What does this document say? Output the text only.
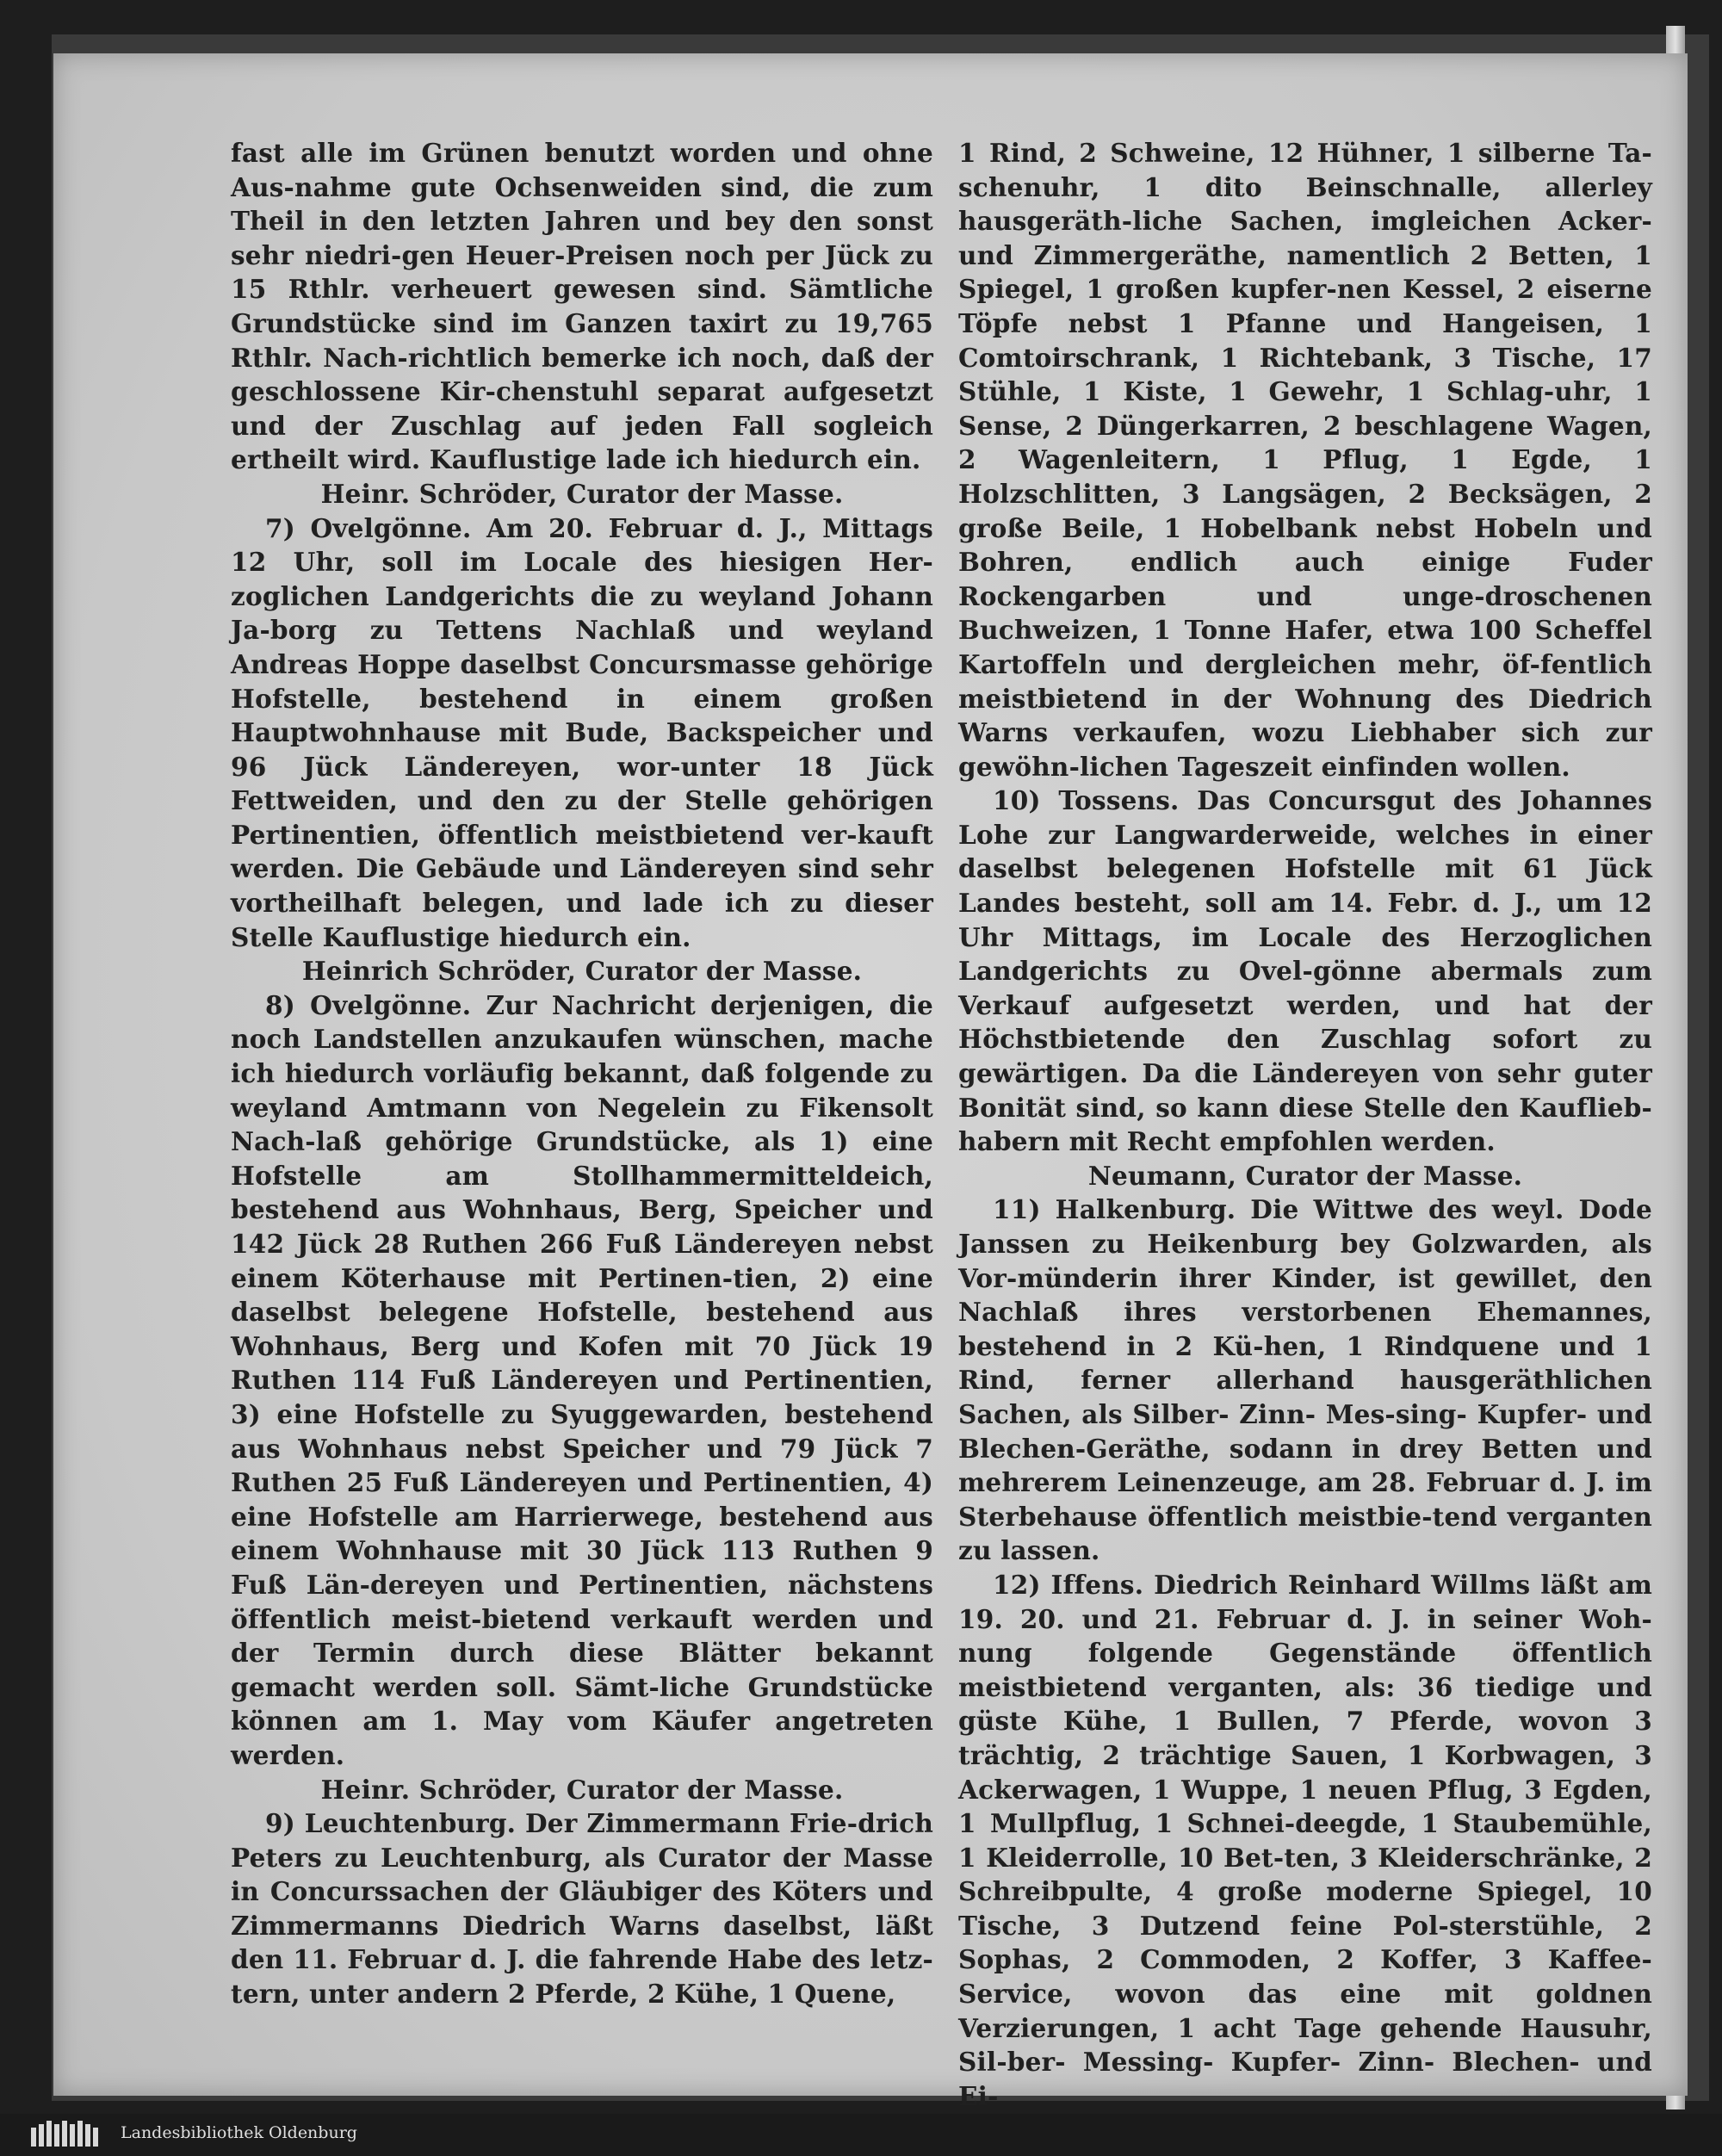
fast alle im Grünen benutzt worden und ohne Aus-nahme gute Ochsenweiden sind, die zum Theil in den letzten Jahren und bey den sonst sehr niedri-gen Heuer-Preisen noch per Jück zu 15 Rthlr. verheuert gewesen sind. Sämtliche Grundstücke sind im Ganzen taxirt zu 19,765 Rthlr. Nach-richtlich bemerke ich noch, daß der geschlossene Kir-chenstuhl separat aufgesetzt und der Zuschlag auf jeden Fall sogleich ertheilt wird. Kauflustige lade ich hiedurch ein.

Heinr. Schröder, Curator der Masse.

7) Ovelgönne. Am 20. Februar d. J., Mittags 12 Uhr, soll im Locale des hiesigen Her-zoglichen Landgerichts die zu weyland Johann Ja-borg zu Tettens Nachlaß und weyland Andreas Hoppe daselbst Concursmasse gehörige Hofstelle, bestehend in einem großen Hauptwohnhause mit Bude, Backspeicher und 96 Jück Ländereyen, wor-unter 18 Jück Fettweiden, und den zu der Stelle gehörigen Pertinentien, öffentlich meistbietend ver-kauft werden. Die Gebäude und Ländereyen sind sehr vortheilhaft belegen, und lade ich zu dieser Stelle Kauflustige hiedurch ein.

Heinrich Schröder, Curator der Masse.

8) Ovelgönne. Zur Nachricht derjenigen, die noch Landstellen anzukaufen wünschen, mache ich hiedurch vorläufig bekannt, daß folgende zu weyland Amtmann von Negelein zu Fikensolt Nach-laß gehörige Grundstücke, als 1) eine Hofstelle am Stollhammermitteldeich, bestehend aus Wohnhaus, Berg, Speicher und 142 Jück 28 Ruthen 266 Fuß Ländereyen nebst einem Köterhause mit Pertinen-tien, 2) eine daselbst belegene Hofstelle, bestehend aus Wohnhaus, Berg und Kofen mit 70 Jück 19 Ruthen 114 Fuß Ländereyen und Pertinentien, 3) eine Hofstelle zu Syuggewarden, bestehend aus Wohnhaus nebst Speicher und 79 Jück 7 Ruthen 25 Fuß Ländereyen und Pertinentien, 4) eine Hofstelle am Harrierwege, bestehend aus einem Wohnhause mit 30 Jück 113 Ruthen 9 Fuß Län-dereyen und Pertinentien, nächstens öffentlich meist-bietend verkauft werden und der Termin durch diese Blätter bekannt gemacht werden soll. Sämt-liche Grundstücke können am 1. May vom Käufer angetreten werden.

Heinr. Schröder, Curator der Masse.

9) Leuchtenburg. Der Zimmermann Frie-drich Peters zu Leuchtenburg, als Curator der Masse in Concurssachen der Gläubiger des Köters und Zimmermanns Diedrich Warns daselbst, läßt den 11. Februar d. J. die fahrende Habe des letz-tern, unter andern 2 Pferde, 2 Kühe, 1 Quene,

1 Rind, 2 Schweine, 12 Hühner, 1 silberne Ta-schenuhr, 1 dito Beinschnalle, allerley hausgeräth-liche Sachen, imgleichen Acker- und Zimmergeräthe, namentlich 2 Betten, 1 Spiegel, 1 großen kupfer-nen Kessel, 2 eiserne Töpfe nebst 1 Pfanne und Hangeisen, 1 Comtoirschrank, 1 Richtebank, 3 Tische, 17 Stühle, 1 Kiste, 1 Gewehr, 1 Schlag-uhr, 1 Sense, 2 Düngerkarren, 2 beschlagene Wagen, 2 Wagenleitern, 1 Pflug, 1 Egde, 1 Holzschlitten, 3 Langsägen, 2 Becksägen, 2 große Beile, 1 Hobelbank nebst Hobeln und Bohren, endlich auch einige Fuder Rockengarben und unge-droschenen Buchweizen, 1 Tonne Hafer, etwa 100 Scheffel Kartoffeln und dergleichen mehr, öf-fentlich meistbietend in der Wohnung des Diedrich Warns verkaufen, wozu Liebhaber sich zur gewöhn-lichen Tageszeit einfinden wollen.

10) Tossens. Das Concursgut des Johannes Lohe zur Langwarderweide, welches in einer daselbst belegenen Hofstelle mit 61 Jück Landes besteht, soll am 14. Febr. d. J., um 12 Uhr Mittags, im Locale des Herzoglichen Landgerichts zu Ovel-gönne abermals zum Verkauf aufgesetzt werden, und hat der Höchstbietende den Zuschlag sofort zu gewärtigen. Da die Ländereyen von sehr guter Bonität sind, so kann diese Stelle den Kauflieb-habern mit Recht empfohlen werden.

Neumann, Curator der Masse.

11) Halkenburg. Die Wittwe des weyl. Dode Janssen zu Heikenburg bey Golzwarden, als Vor-münderin ihrer Kinder, ist gewillet, den Nachlaß ihres verstorbenen Ehemannes, bestehend in 2 Kü-hen, 1 Rindquene und 1 Rind, ferner allerhand hausgeräthlichen Sachen, als Silber- Zinn- Mes-sing- Kupfer- und Blechen-Geräthe, sodann in drey Betten und mehrerem Leinenzeuge, am 28. Februar d. J. im Sterbehause öffentlich meistbie-tend verganten zu lassen.

12) Iffens. Diedrich Reinhard Willms läßt am 19. 20. und 21. Februar d. J. in seiner Woh-nung folgende Gegenstände öffentlich meistbietend verganten, als: 36 tiedige und güste Kühe, 1 Bullen, 7 Pferde, wovon 3 trächtig, 2 trächtige Sauen, 1 Korbwagen, 3 Ackerwagen, 1 Wuppe, 1 neuen Pflug, 3 Egden, 1 Mullpflug, 1 Schnei-deegde, 1 Staubemühle, 1 Kleiderrolle, 10 Bet-ten, 3 Kleiderschränke, 2 Schreibpulte, 4 große moderne Spiegel, 10 Tische, 3 Dutzend feine Pol-sterstühle, 2 Sophas, 2 Commoden, 2 Koffer, 3 Kaffee-Service, wovon das eine mit goldnen Verzierungen, 1 acht Tage gehende Hausuhr, Sil-ber- Messing- Kupfer- Zinn- Blechen- und Ei-

Landesbibliothek Oldenburg
